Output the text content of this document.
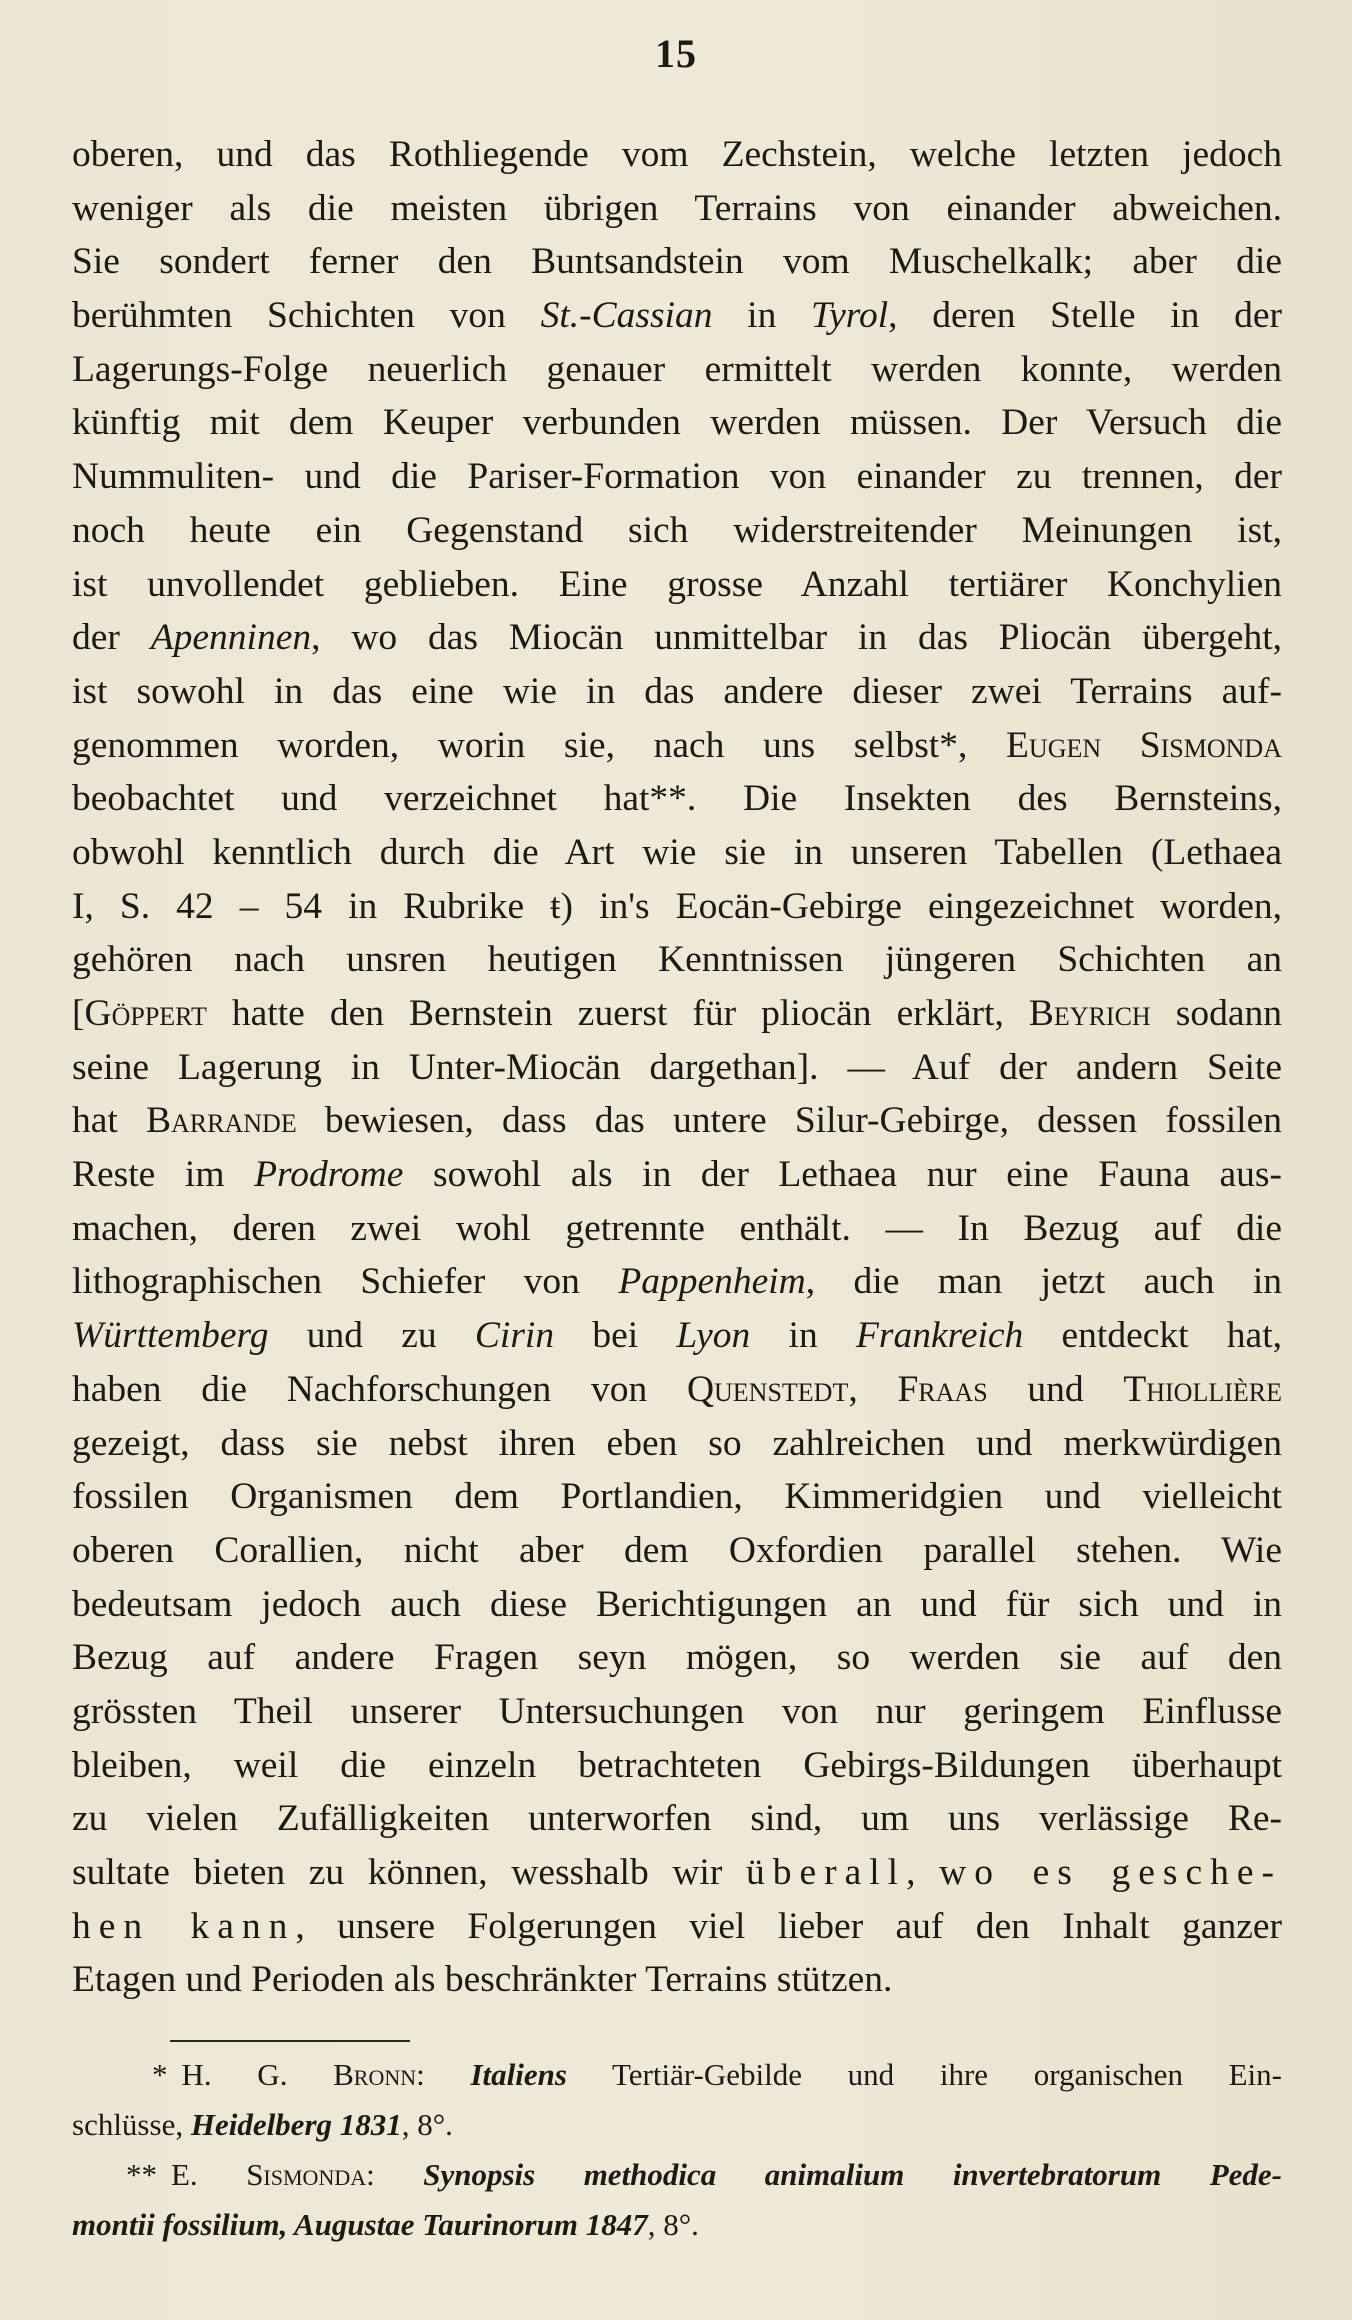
15
oberen, und das Rothliegende vom Zechstein, welche letzten jedoch
weniger als die meisten übrigen Terrains von einander abweichen.
Sie sondert ferner den Buntsandstein vom Muschelkalk; aber die
berühmten Schichten von St.-Cassian in Tyrol, deren Stelle in der
Lagerungs-Folge neuerlich genauer ermittelt werden konnte, werden
künftig mit dem Keuper verbunden werden müssen. Der Versuch die
Nummuliten- und die Pariser-Formation von einander zu trennen, der
noch heute ein Gegenstand sich widerstreitender Meinungen ist,
ist unvollendet geblieben. Eine grosse Anzahl tertiärer Konchylien
der Apenninen, wo das Miocän unmittelbar in das Pliocän übergeht,
ist sowohl in das eine wie in das andere dieser zwei Terrains auf-
genommen worden, worin sie, nach uns selbst*, Eugen Sismonda
beobachtet und verzeichnet hat**. Die Insekten des Bernsteins,
obwohl kenntlich durch die Art wie sie in unseren Tabellen (Lethaea
I, S. 42 – 54 in Rubrike ŧ) in's Eocän-Gebirge eingezeichnet worden,
gehören nach unsren heutigen Kenntnissen jüngeren Schichten an
[Göppert hatte den Bernstein zuerst für pliocän erklärt, Beyrich sodann
seine Lagerung in Unter-Miocän dargethan]. — Auf der andern Seite
hat Barrande bewiesen, dass das untere Silur-Gebirge, dessen fossilen
Reste im Prodrome sowohl als in der Lethaea nur eine Fauna aus-
machen, deren zwei wohl getrennte enthält. — In Bezug auf die
lithographischen Schiefer von Pappenheim, die man jetzt auch in
Württemberg und zu Cirin bei Lyon in Frankreich entdeckt hat,
haben die Nachforschungen von Quenstedt, Fraas und Thiollière
gezeigt, dass sie nebst ihren eben so zahlreichen und merkwürdigen
fossilen Organismen dem Portlandien, Kimmeridgien und vielleicht
oberen Corallien, nicht aber dem Oxfordien parallel stehen. Wie
bedeutsam jedoch auch diese Berichtigungen an und für sich und in
Bezug auf andere Fragen seyn mögen, so werden sie auf den
grössten Theil unserer Untersuchungen von nur geringem Einflusse
bleiben, weil die einzeln betrachteten Gebirgs-Bildungen überhaupt
zu vielen Zufälligkeiten unterworfen sind, um uns verlässige Re-
sultate bieten zu können, wesshalb wir überall, wo es gesche-
hen kann, unsere Folgerungen viel lieber auf den Inhalt ganzer
Etagen und Perioden als beschränkter Terrains stützen.
* H. G. Bronn: Italiens Tertiär-Gebilde und ihre organischen Ein-
schlüsse, Heidelberg 1831, 8°.
** E. Sismonda: Synopsis methodica animalium invertebratorum Pede-
montii fossilium, Augustae Taurinorum 1847, 8°.
